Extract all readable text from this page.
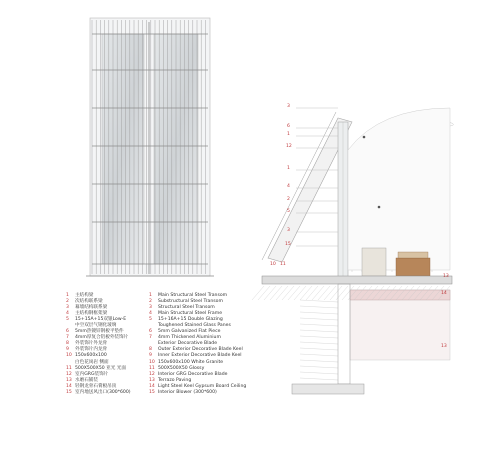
3
6
1
12
1
4
2
5
3
15
10 11
13
14
13
1	主结构梁
2	次结构联系梁
3	幕墙结构联系梁
4	主结构钢框架梁
5	15+15A+15双银Low-E
中空双层气钢化玻璃
6	5mm热镀锌钢板平垫件
7	4mm厚复合铝板外装饰片
8	外装饰片外龙骨
9	外装饰片内龙骨
10 150x600x100
白色花岗岩 侧面
11 500X500X50 亚光 光面
12 室内GRG装饰片
13 水磨石铺装
14 轻钢龙骨石膏板吊顶
15 室内地送风出口(300*600)
1	Main Structural Steel Transom
2	Substructural Steel Transom
3	Structural Steel Transom
4	Main Structural Steel Frame
5	15+16A+15 Double Glazing
Toughened Stained Glass Panes
6	5mm Galvanized Flat Piece
7	4mm Thickened Aluminium
Exterior Decorative Blade
8	Outer Exterior Decorative Blade Keel
9	Inner Exterior Decorative Blade Keel
10 150x600x100 White Granite
11 500X500X50 Glossy
12 Interior GRG Decorative Blade
13 Terrazo Paving
14 Light Steel Keel Gypsum Board Ceiling
15 Interior Blower (300*600)
